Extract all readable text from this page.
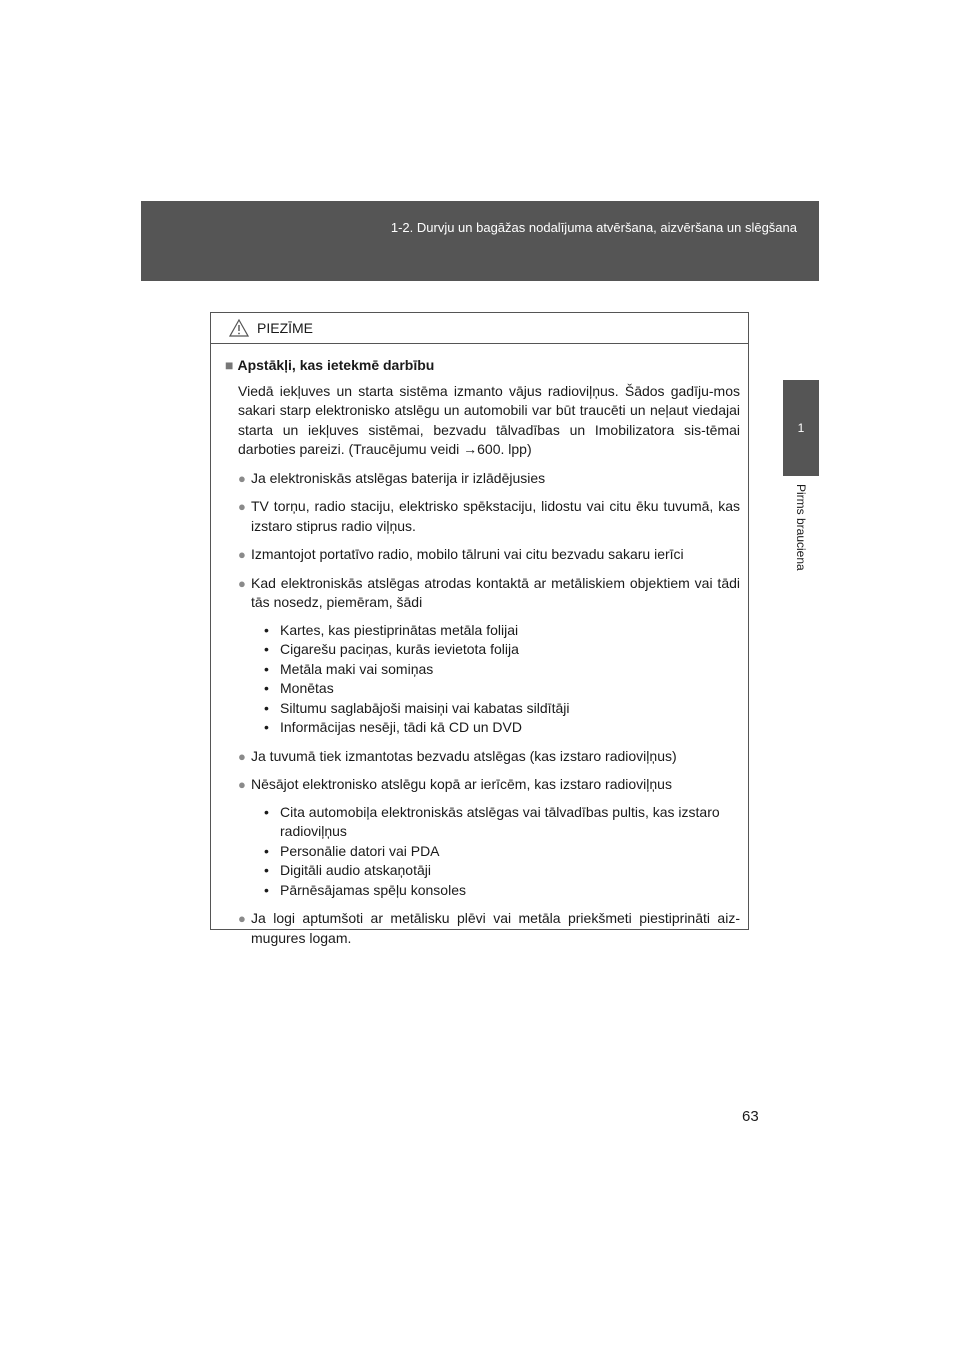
1-2. Durvju un bagāžas nodalījuma atvēršana, aizvēršana un slēgšana
1
Pirms brauciena
PIEZĪME
■ Apstākļi, kas ietekmē darbību
Viedā iekļuves un starta sistēma izmanto vājus radioviļņus. Šādos gadīju-mos sakari starp elektronisko atslēgu un automobili var būt traucēti un neļaut viedajai starta un iekļuves sistēmai, bezvadu tālvadības un Imobilizatora sis-tēmai darboties pareizi. (Traucējumu veidi →600. lpp)
● Ja elektroniskās atslēgas baterija ir izlādējusies
● TV torņu, radio staciju, elektrisko spēkstaciju, lidostu vai citu ēku tuvumā, kas izstaro stiprus radio viļņus.
● Izmantojot portatīvo radio, mobilo tālruni vai citu bezvadu sakaru ierīci
● Kad elektroniskās atslēgas atrodas kontaktā ar metāliskiem objektiem vai tādi tās nosedz, piemēram, šādi
• Kartes, kas piestiprinātas metāla folijai
• Cigarešu paciņas, kurās ievietota folija
• Metāla maki vai somiņas
• Monētas
• Siltumu saglabājoši maisiņi vai kabatas sildītāji
• Informācijas nesēji, tādi kā CD un DVD
● Ja tuvumā tiek izmantotas bezvadu atslēgas (kas izstaro radioviļņus)
● Nēsājot elektronisko atslēgu kopā ar ierīcēm, kas izstaro radioviļņus
• Cita automobiļa elektroniskās atslēgas vai tālvadības pultis, kas izstaro radioviļņus
• Personālie datori vai PDA
• Digitāli audio atskaņotāji
• Pārnēsājamas spēļu konsoles
● Ja logi aptumšoti ar metālisku plēvi vai metāla priekšmeti piestiprināti aiz-mugures logam.
63
